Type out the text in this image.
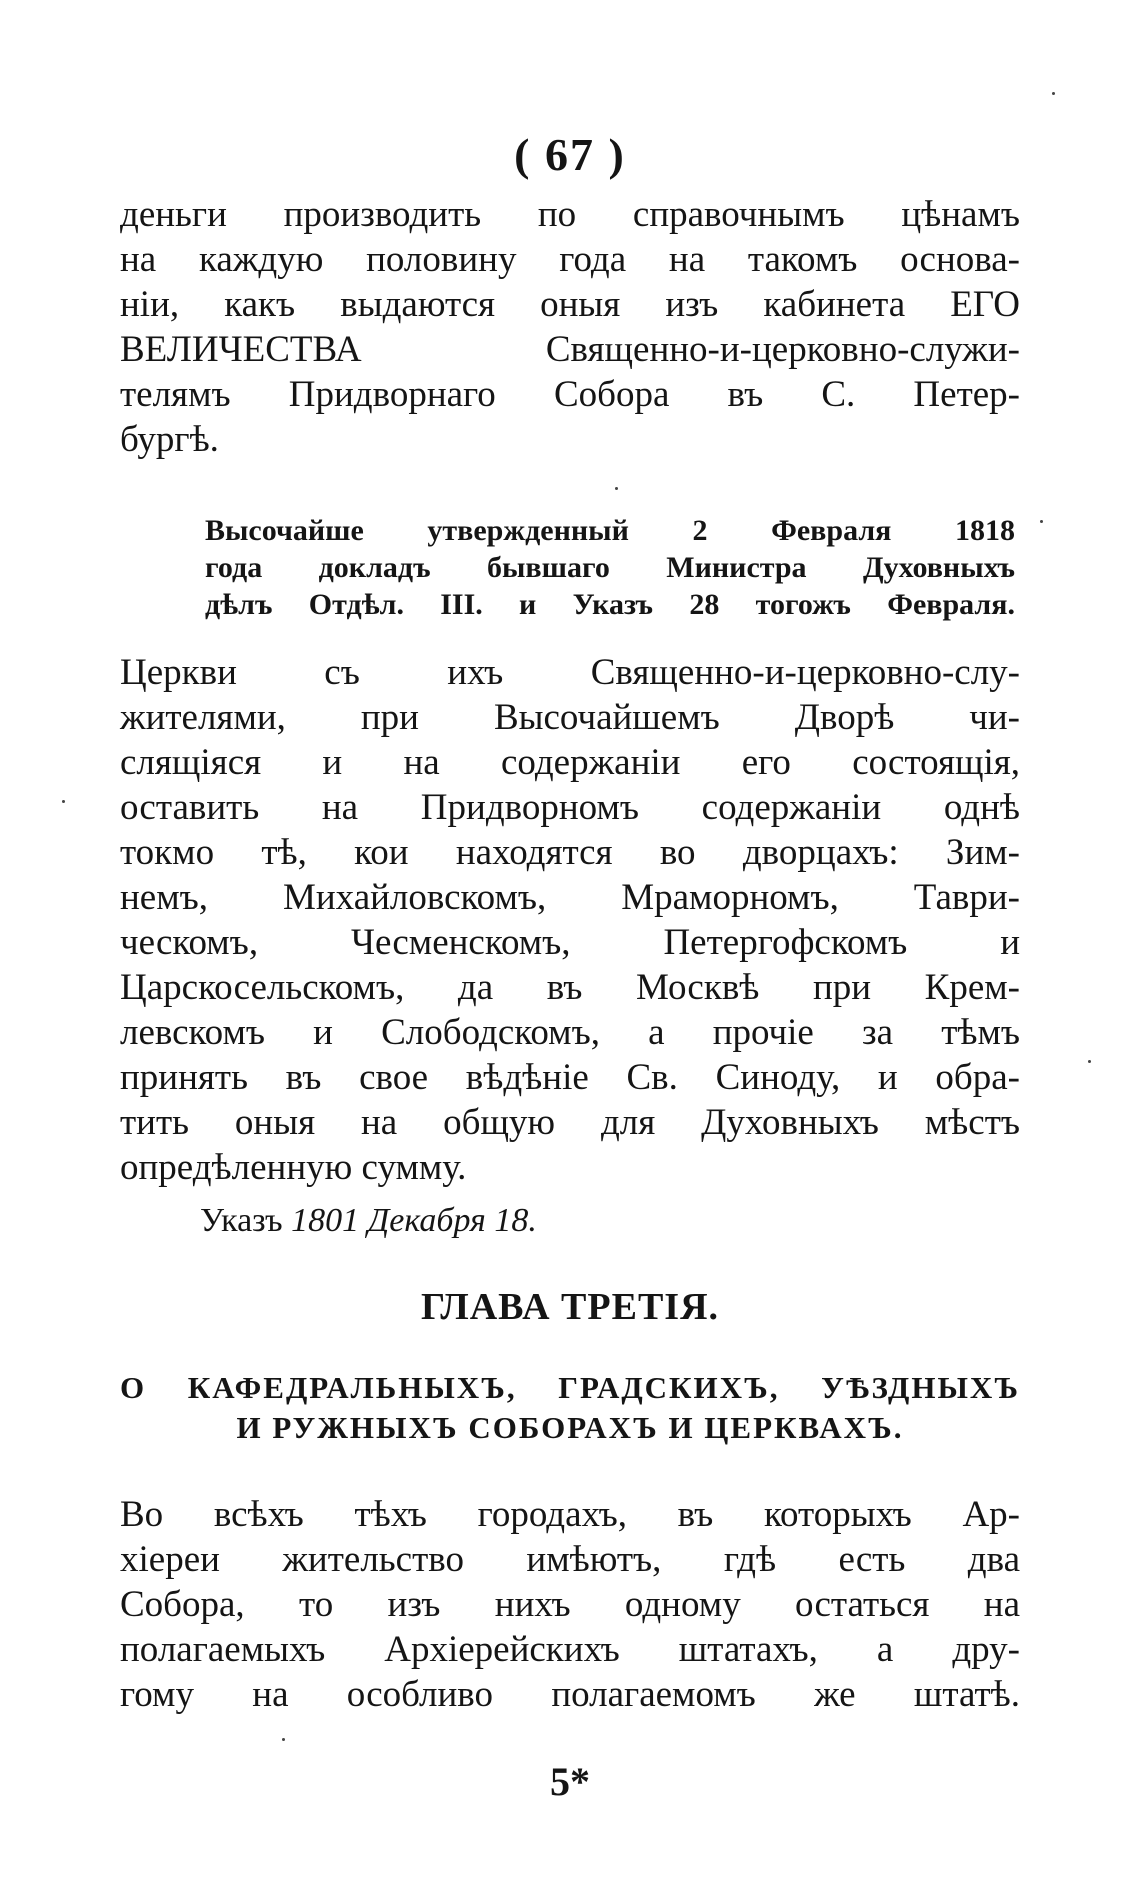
( 67 )
деньги производить по справочнымъ цѣнамъ
на каждую половину года на такомъ основа-
ніи, какъ выдаются оныя изъ кабинета ЕГО
ВЕЛИЧЕСТВА Священно-и-церковно-служи-
телямъ Придворнаго Собора въ С. Петер-
бургѣ.
Высочайше утвержденный 2 Февраля 1818
года докладъ бывшаго Министра Духовныхъ
дѣлъ Отдѣл. III. и Указъ 28 тогожъ Февраля.
Церкви съ ихъ Священно-и-церковно-слу-
жителями, при Высочайшемъ Дворѣ чи-
слящіяся и на содержаніи его состоящія,
оставить на Придворномъ содержаніи однѣ
токмо тѣ, кои находятся во дворцахъ: Зим-
немъ, Михайловскомъ, Мраморномъ, Таври-
ческомъ, Чесменскомъ, Петергофскомъ и
Царскосельскомъ, да въ Москвѣ при Крем-
левскомъ и Слободскомъ, а прочіе за тѣмъ
принять въ свое вѣдѣніе Св. Синоду, и обра-
тить оныя на общую для Духовныхъ мѣстъ
опредѣленную сумму.
Указъ 1801 Декабря 18.
ГЛАВА ТРЕТІЯ.
О КАФЕДРАЛЬНЫХЪ, ГРАДСКИХЪ, УѢЗДНЫХЪ
И РУЖНЫХЪ СОБОРАХЪ И ЦЕРКВАХЪ.
Во всѣхъ тѣхъ городахъ, въ которыхъ Ар-
хіереи жительство имѣютъ, гдѣ есть два
Собора, то изъ нихъ одному остаться на
полагаемыхъ Архіерейскихъ штатахъ, а дру-
гому на особливо полагаемомъ же штатѣ.
5*
